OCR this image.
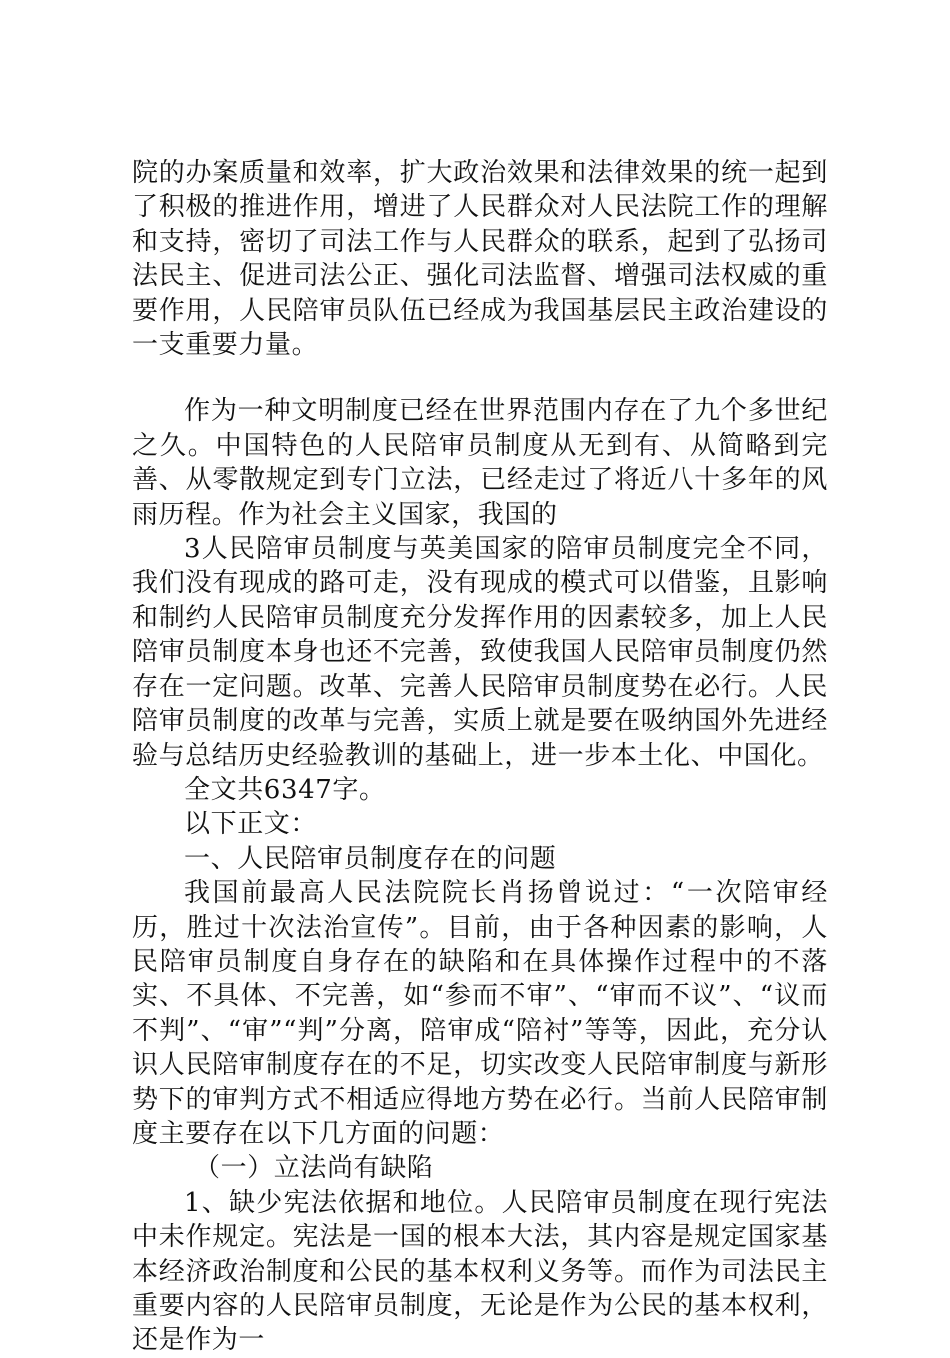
院的办案质量和效率，扩大政治效果和法律效果的统一起到了积极的推进作用，增进了人民群众对人民法院工作的理解和支持，密切了司法工作与人民群众的联系，起到了弘扬司法民主、促进司法公正、强化司法监督、增强司法权威的重要作用，人民陪审员队伍已经成为我国基层民主政治建设的一支重要力量。

作为一种文明制度已经在世界范围内存在了九个多世纪之久。中国特色的人民陪审员制度从无到有、从简略到完善、从零散规定到专门立法，已经走过了将近八十多年的风雨历程。作为社会主义国家，我国的

3人民陪审员制度与英美国家的陪审员制度完全不同，我们没有现成的路可走，没有现成的模式可以借鉴，且影响和制约人民陪审员制度充分发挥作用的因素较多，加上人民陪审员制度本身也还不完善，致使我国人民陪审员制度仍然存在一定问题。改革、完善人民陪审员制度势在必行。人民陪审员制度的改革与完善，实质上就是要在吸纳国外先进经验与总结历史经验教训的基础上，进一步本土化、中国化。

全文共6347字。

以下正文：

一、人民陪审员制度存在的问题

我国前最高人民法院院长肖扬曾说过：“一次陪审经历，胜过十次法治宣传”。目前，由于各种因素的影响，人民陪审员制度自身存在的缺陷和在具体操作过程中的不落实、不具体、不完善，如“参而不审”、“审而不议”、“议而不判”、“审”“判”分离，陪审成“陪衬”等等，因此，充分认识人民陪审制度存在的不足，切实改变人民陪审制度与新形势下的审判方式不相适应得地方势在必行。当前人民陪审制度主要存在以下几方面的问题：

（一）立法尚有缺陷

1、缺少宪法依据和地位。人民陪审员制度在现行宪法中未作规定。宪法是一国的根本大法，其内容是规定国家基本经济政治制度和公民的基本权利义务等。而作为司法民主重要内容的人民陪审员制度，无论是作为公民的基本权利，还是作为一
